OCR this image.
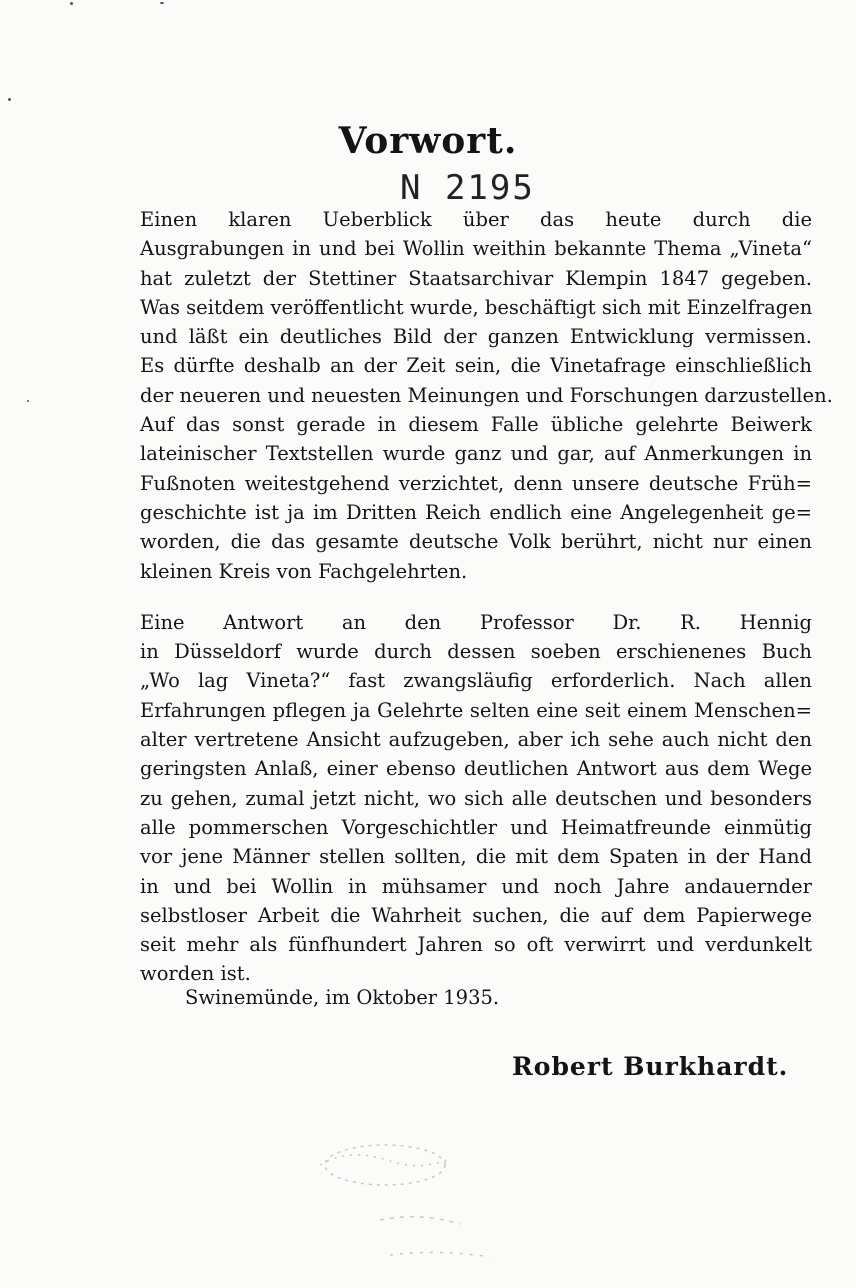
Vorwort.
N 2195
Einen klaren Ueberblick über das heute durch die
Ausgrabungen in und bei Wollin weithin bekannte Thema „Vineta“
hat zuletzt der Stettiner Staatsarchivar Klempin 1847 gegeben.
Was seitdem veröffentlicht wurde, beschäftigt sich mit Einzelfragen
und läßt ein deutliches Bild der ganzen Entwicklung vermissen.
Es dürfte deshalb an der Zeit sein, die Vinetafrage einschließlich
der neueren und neuesten Meinungen und Forschungen darzustellen.
Auf das sonst gerade in diesem Falle übliche gelehrte Beiwerk
lateinischer Textstellen wurde ganz und gar, auf Anmerkungen in
Fußnoten weitestgehend verzichtet, denn unsere deutsche Früh=
geschichte ist ja im Dritten Reich endlich eine Angelegenheit ge=
worden, die das gesamte deutsche Volk berührt, nicht nur einen
kleinen Kreis von Fachgelehrten.
Eine Antwort an den Professor Dr. R. Hennig
in Düsseldorf wurde durch dessen soeben erschienenes Buch
„Wo lag Vineta?“ fast zwangsläufig erforderlich. Nach allen
Erfahrungen pflegen ja Gelehrte selten eine seit einem Menschen=
alter vertretene Ansicht aufzugeben, aber ich sehe auch nicht den
geringsten Anlaß, einer ebenso deutlichen Antwort aus dem Wege
zu gehen, zumal jetzt nicht, wo sich alle deutschen und besonders
alle pommerschen Vorgeschichtler und Heimatfreunde einmütig
vor jene Männer stellen sollten, die mit dem Spaten in der Hand
in und bei Wollin in mühsamer und noch Jahre andauernder
selbstloser Arbeit die Wahrheit suchen, die auf dem Papierwege
seit mehr als fünfhundert Jahren so oft verwirrt und verdunkelt
worden ist.
Swinemünde, im Oktober 1935.
Robert Burkhardt.
